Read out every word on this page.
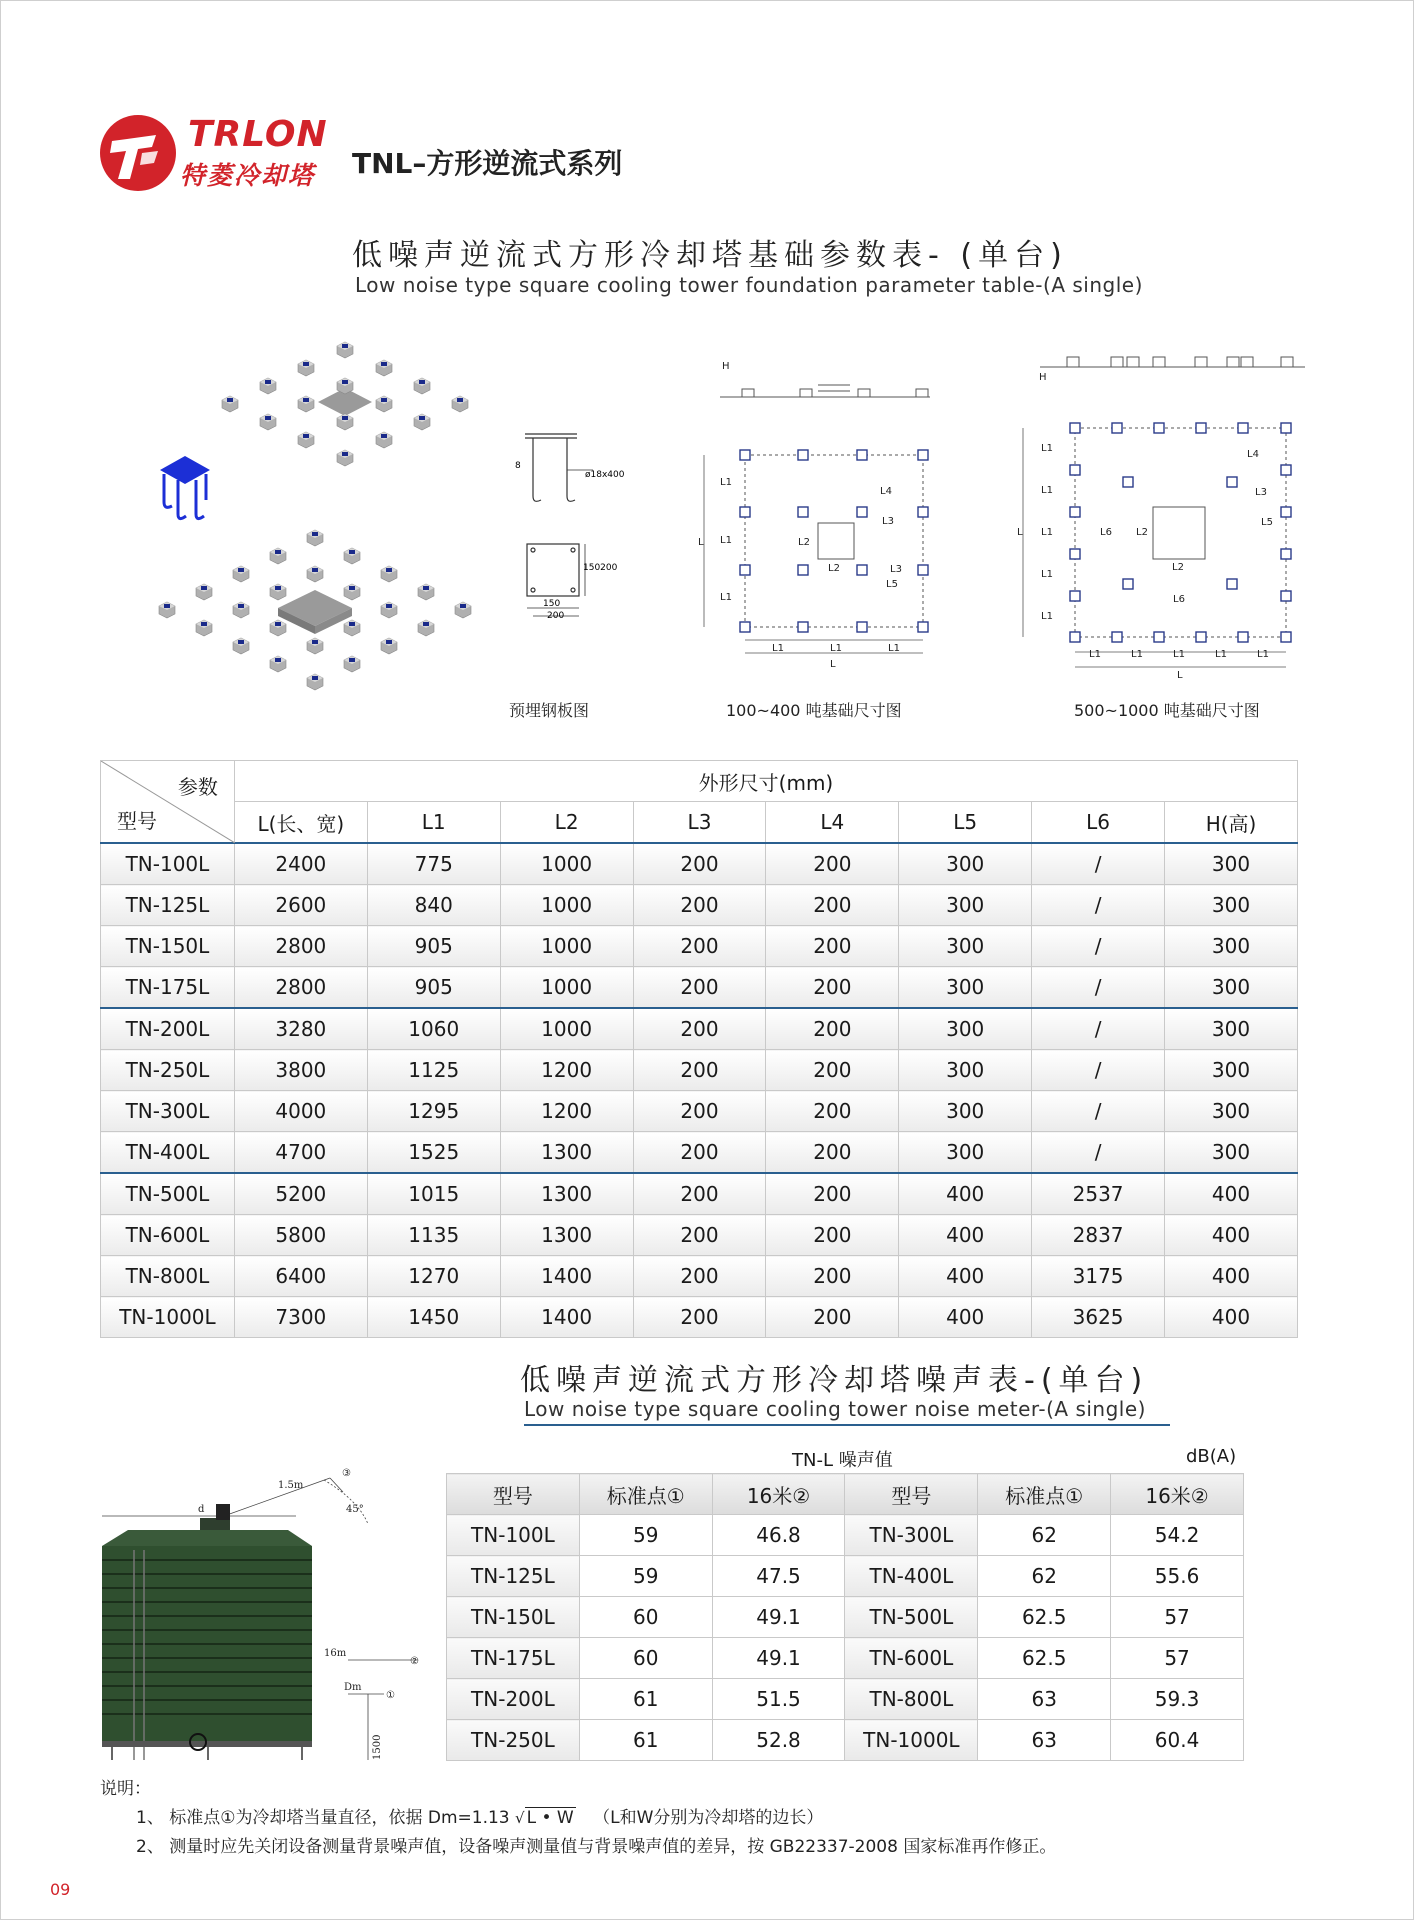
TRLON
特菱冷却塔 TNL–方形逆流式系列
低噪声逆流式方形冷却塔基础参数表- (单台)
Low noise type square cooling tower foundation parameter table-(A single)
8
ø18x400
150200
150
200
H
L
L1
L1
L1
L2
L2
L4
L3
L3
L5
L1	L1	L1
L
H
L
L1
L1
L1
L1
L1
L6 L2
L2
L4
L3
L5
L6
L1	L1	L1	L1	L1
L
预埋钢板图	100~400 吨基础尺寸图	500~1000 吨基础尺寸图
参数
型号	外形尺寸(mm)							
	L(长、宽)	L1	L2	L3	L4	L5	L6	H(高)
TN-100L	2400	775	1000	200	200	300	/	300
TN-125L	2600	840	1000	200	200	300	/	300
TN-150L	2800	905	1000	200	200	300	/	300
TN-175L	2800	905	1000	200	200	300	/	300
TN-200L	3280	1060	1000	200	200	300	/	300
TN-250L	3800	1125	1200	200	200	300	/	300
TN-300L	4000	1295	1200	200	200	300	/	300
TN-400L	4700	1525	1300	200	200	300	/	300
TN-500L	5200	1015	1300	200	200	400	2537	400
TN-600L	5800	1135	1300	200	200	400	2837	400
TN-800L	6400	1270	1400	200	200	400	3175	400
TN-1000L	7300	1450	1400	200	200	400	3625	400
低噪声逆流式方形冷却塔噪声表-(单台)
Low noise type square cooling tower noise meter-(A single)
d
1.5m
③
45°
16m
②
Dm
①
1500
TN-L 噪声值	dB(A)
型号	标准点①	16米②	型号	标准点①	16米②
TN-100L	59	46.8	TN-300L	62	54.2
TN-125L	59	47.5	TN-400L	62	55.6
TN-150L	60	49.1	TN-500L	62.5	57
TN-175L	60	49.1	TN-600L	62.5	57
TN-200L	61	51.5	TN-800L	63	59.3
TN-250L	61	52.8	TN-1000L	63	60.4
说明：
1、 标准点①为冷却塔当量直径，依据 Dm=1.13 √ L • W （L和W分别为冷却塔的边长）
2、 测量时应先关闭设备测量背景噪声值，设备噪声测量值与背景噪声值的差异，按 GB22337-2008 国家标准再作修正。
09
